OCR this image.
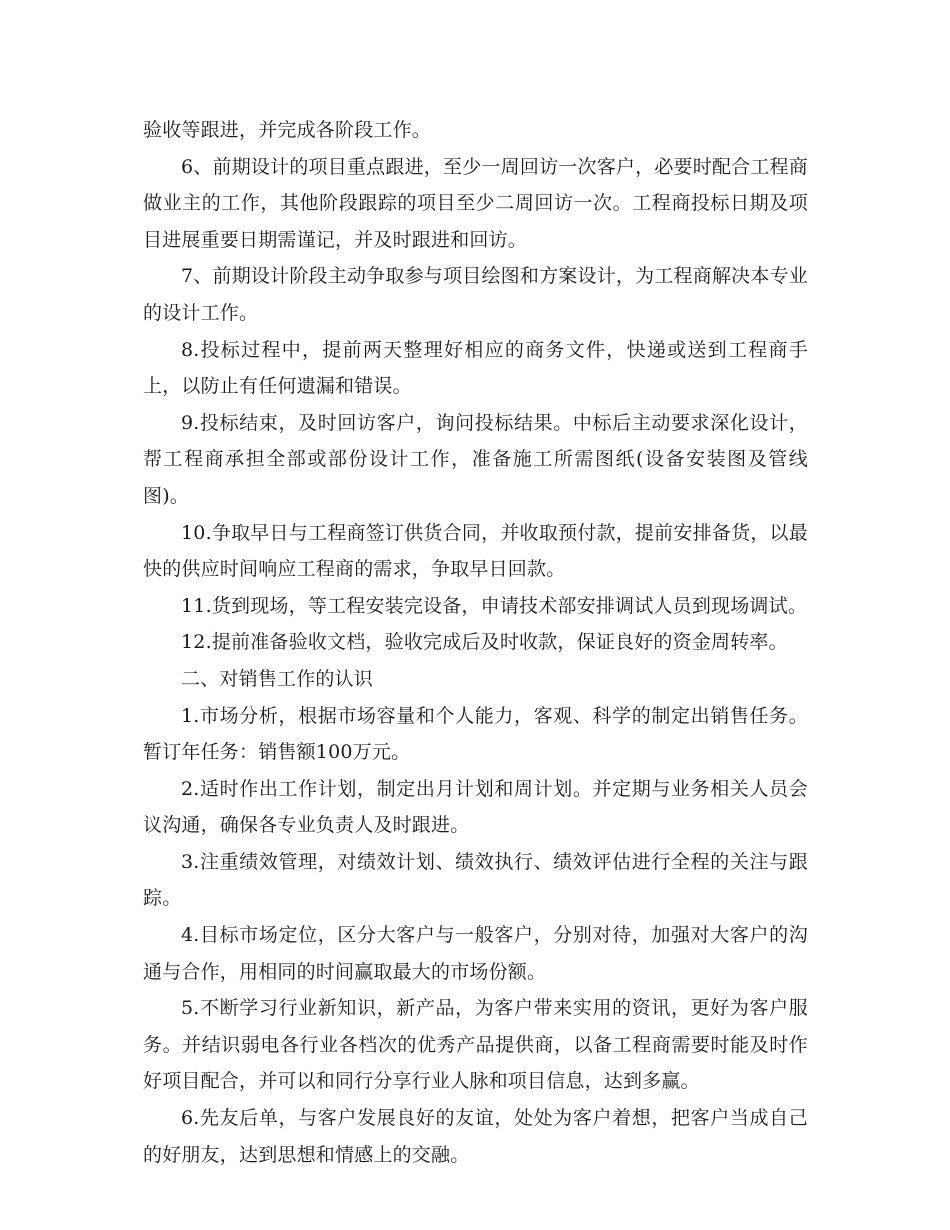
验收等跟进，并完成各阶段工作。

6、前期设计的项目重点跟进，至少一周回访一次客户，必要时配合工程商做业主的工作，其他阶段跟踪的项目至少二周回访一次。工程商投标日期及项目进展重要日期需谨记，并及时跟进和回访。

7、前期设计阶段主动争取参与项目绘图和方案设计，为工程商解决本专业的设计工作。

8.投标过程中，提前两天整理好相应的商务文件，快递或送到工程商手上，以防止有任何遗漏和错误。

9.投标结束，及时回访客户，询问投标结果。中标后主动要求深化设计，帮工程商承担全部或部份设计工作，准备施工所需图纸(设备安装图及管线图)。

10.争取早日与工程商签订供货合同，并收取预付款，提前安排备货，以最快的供应时间响应工程商的需求，争取早日回款。

11.货到现场，等工程安装完设备，申请技术部安排调试人员到现场调试。

12.提前准备验收文档，验收完成后及时收款，保证良好的资金周转率。

二、对销售工作的认识

1.市场分析，根据市场容量和个人能力，客观、科学的制定出销售任务。暂订年任务：销售额100万元。

2.适时作出工作计划，制定出月计划和周计划。并定期与业务相关人员会议沟通，确保各专业负责人及时跟进。

3.注重绩效管理，对绩效计划、绩效执行、绩效评估进行全程的关注与跟踪。

4.目标市场定位，区分大客户与一般客户，分别对待，加强对大客户的沟通与合作，用相同的时间赢取最大的市场份额。

5.不断学习行业新知识，新产品，为客户带来实用的资讯，更好为客户服务。并结识弱电各行业各档次的优秀产品提供商，以备工程商需要时能及时作好项目配合，并可以和同行分享行业人脉和项目信息，达到多赢。

6.先友后单，与客户发展良好的友谊，处处为客户着想，把客户当成自己的好朋友，达到思想和情感上的交融。
